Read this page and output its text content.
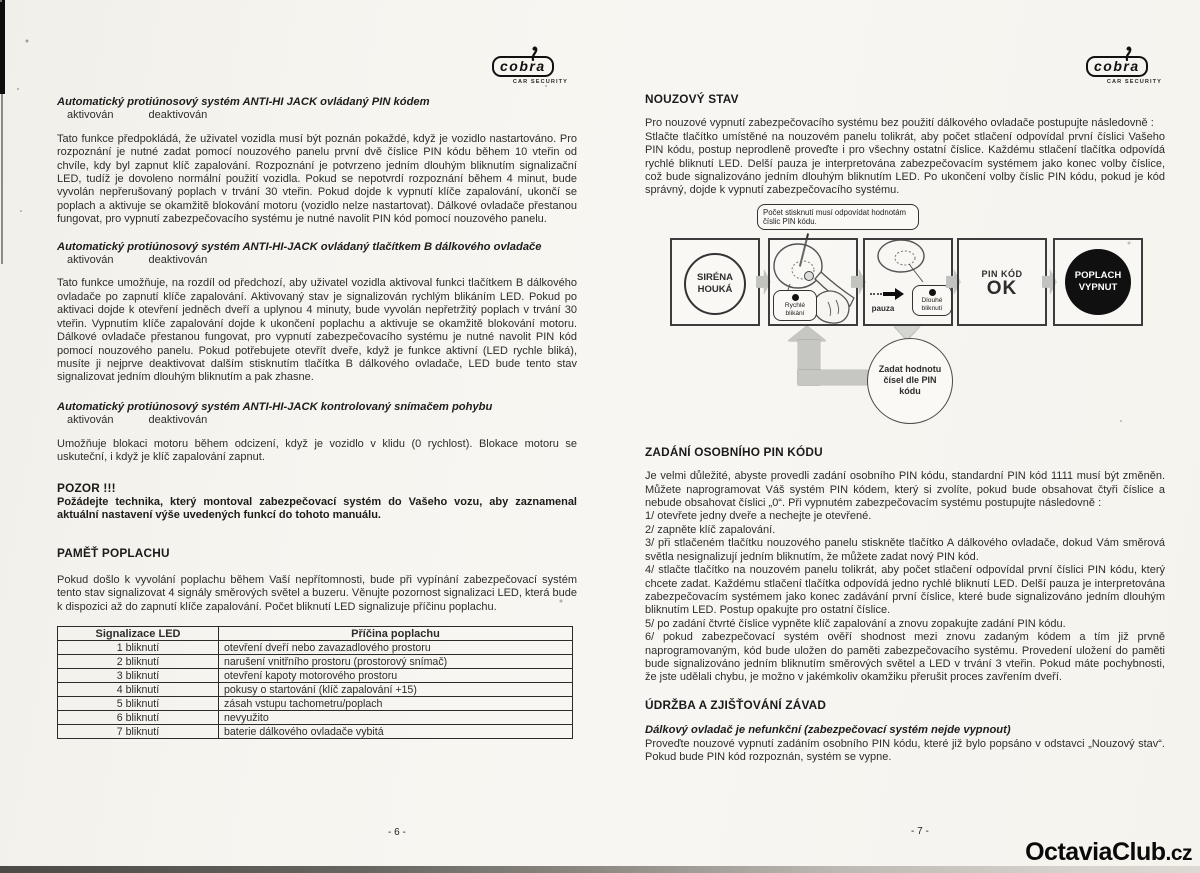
cobra
CAR SECURITY
cobra
CAR SECURITY
Automatický protiúnosový systém ANTI-HI JACK ovládaný PIN kódem
aktivován	deaktivován
Tato funkce předpokládá, že uživatel vozidla musí být poznán pokaždé, když je vozidlo nastartováno. Pro rozpoznání je nutné zadat pomocí nouzového panelu první dvě číslice PIN kódu během 10 vteřin od chvíle, kdy byl zapnut klíč zapalování. Rozpoznání je potvrzeno jedním dlouhým bliknutím signalizační LED, tudíž je dovoleno normální použití vozidla. Pokud se nepotvrdí rozpoznání během 4 minut, bude vyvolán nepřerušovaný poplach v trvání 30 vteřin. Pokud dojde k vypnutí klíče zapalování, ukončí se poplach a aktivuje se okamžitě blokování motoru (vozidlo nelze nastartovat). Dálkové ovladače přestanou fungovat, pro vypnutí zabezpečovacího systému je nutné navolit PIN kód pomocí nouzového panelu.
Automatický protiúnosový systém ANTI-HI-JACK ovládaný tlačítkem B dálkového ovladače
aktivován	deaktivován
Tato funkce umožňuje, na rozdíl od předchozí, aby uživatel vozidla aktivoval funkci tlačítkem B dálkového ovladače po zapnutí klíče zapalování. Aktivovaný stav je signalizován rychlým blikáním LED. Pokud po aktivaci dojde k otevření jedněch dveří a uplynou 4 minuty, bude vyvolán nepřetržitý poplach v trvání 30 vteřin. Vypnutím klíče zapalování dojde k ukončení poplachu a aktivuje se okamžitě blokování motoru. Dálkové ovladače přestanou fungovat, pro vypnutí zabezpečovacího systému je nutné navolit PIN kód pomocí nouzového panelu. Pokud potřebujete otevřít dveře, když je funkce aktivní (LED rychle bliká), musíte ji nejprve deaktivovat dalším stisknutím tlačítka B dálkového ovladače, LED bude tento stav signalizovat jedním dlouhým bliknutím a pak zhasne.
Automatický protiúnosový systém ANTI-HI-JACK kontrolovaný snímačem pohybu
aktivován	deaktivován
Umožňuje blokaci motoru během odcizení, když je vozidlo v klidu (0 rychlost). Blokace motoru se uskuteční, i když je klíč zapalování zapnut.
POZOR !!!
Požádejte technika, který montoval zabezpečovací systém do Vašeho vozu, aby zaznamenal aktuální nastavení výše uvedených funkcí do tohoto manuálu.
PAMĚŤ POPLACHU
Pokud došlo k vyvolání poplachu během Vaší nepřítomnosti, bude při vypínání zabezpečovací systém tento stav signalizovat 4 signály směrových světel a buzeru. Věnujte pozornost signalizaci LED, která bude k dispozici až do zapnutí klíče zapalování. Počet bliknutí LED signalizuje příčinu poplachu.
Signalizace LED	Příčina poplachu
1 bliknutí	otevření dveří nebo zavazadlového prostoru
2 bliknutí	narušení vnitřního prostoru (prostorový snímač)
3 bliknutí	otevření kapoty motorového prostoru
4 bliknutí	pokusy o startování (klíč zapalování +15)
5 bliknutí	zásah vstupu tachometru/poplach
6 bliknutí	nevyužito
7 bliknutí	baterie dálkového ovladače vybitá
NOUZOVÝ STAV
Pro nouzové vypnutí zabezpečovacího systému bez použití dálkového ovladače postupujte následovně :
Stlačte tlačítko umístěné na nouzovém panelu tolikrát, aby počet stlačení odpovídal první číslici Vašeho PIN kódu, postup neprodleně proveďte i pro všechny ostatní číslice. Každému stlačení tlačítka odpovídá rychlé bliknutí LED. Delší pauza je interpretována zabezpečovacím systémem jako konec volby číslice, což bude signalizováno jedním dlouhým bliknutím LED. Po ukončení volby číslic PIN kódu, pokud je kód správný, dojde k vypnutí zabezpečovacího systému.
Počet stisknutí musí odpovídat hodnotám číslic PIN kódu.
SIRÉNA HOUKÁ
Rychlé blikání	pauza
Dlouhé bliknutí
PIN KÓD
OK
POPLACH VYPNUT
Zadat hodnotu čísel dle PIN kódu
ZADÁNÍ OSOBNÍHO PIN KÓDU
Je velmi důležité, abyste provedli zadání osobního PIN kódu, standardní PIN kód 1111 musí být změněn. Můžete naprogramovat Váš systém PIN kódem, který si zvolíte, pokud bude obsahovat čtyři číslice a nebude obsahovat číslici „0“. Při vypnutém zabezpečovacím systému postupujte následovně :
1/ otevřete jedny dveře a nechejte je otevřené.
2/ zapněte klíč zapalování.
3/ při stlačeném tlačítku nouzového panelu stiskněte tlačítko A dálkového ovladače, dokud Vám směrová světla nesignalizují jedním bliknutím, že můžete zadat nový PIN kód.
4/ stlačte tlačítko na nouzovém panelu tolikrát, aby počet stlačení odpovídal první číslici PIN kódu, který chcete zadat. Každému stlačení tlačítka odpovídá jedno rychlé bliknutí LED. Delší pauza je interpretována zabezpečovacím systémem jako konec zadávání první číslice, které bude signalizováno jedním dlouhým bliknutím LED. Postup opakujte pro ostatní číslice.
5/ po zadání čtvrté číslice vypněte klíč zapalování a znovu zopakujte zadání PIN kódu.
6/ pokud zabezpečovací systém ověří shodnost mezi znovu zadaným kódem a tím již prvně naprogramovaným, kód bude uložen do paměti zabezpečovacího systému. Provedení uložení do paměti bude signalizováno jedním bliknutím směrových světel a LED v trvání 3 vteřin. Pokud máte pochybnosti, že jste udělali chybu, je možno v jakémkoliv okamžiku přerušit proces zavřením dveří.
ÚDRŽBA A ZJIŠŤOVÁNÍ ZÁVAD
Dálkový ovladač je nefunkční (zabezpečovací systém nejde vypnout)
Proveďte nouzové vypnutí zadáním osobního PIN kódu, které již bylo popsáno v odstavci „Nouzový stav“. Pokud bude PIN kód rozpoznán, systém se vypne.
- 6 -	- 7 -
OctaviaClub.cz
